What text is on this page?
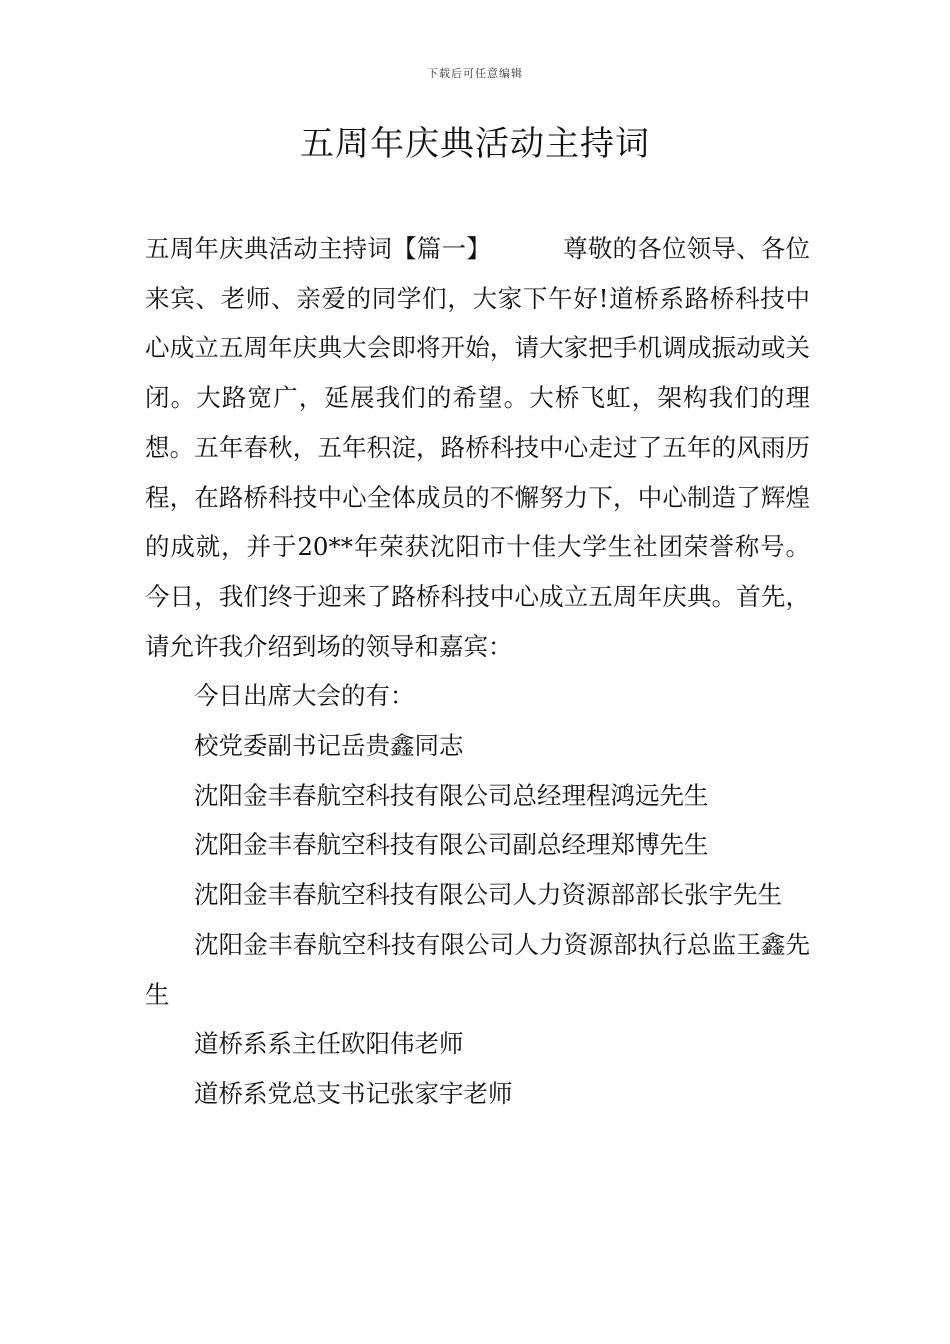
下载后可任意编辑
五周年庆典活动主持词

五周年庆典活动主持词【篇一】	尊敬的各位领导、各位来宾、老师、亲爱的同学们，大家下午好!道桥系路桥科技中心成立五周年庆典大会即将开始，请大家把手机调成振动或关闭。大路宽广，延展我们的希望。大桥飞虹，架构我们的理想。五年春秋，五年积淀，路桥科技中心走过了五年的风雨历程，在路桥科技中心全体成员的不懈努力下，中心制造了辉煌的成就，并于20**年荣获沈阳市十佳大学生社团荣誉称号。今日，我们终于迎来了路桥科技中心成立五周年庆典。首先，请允许我介绍到场的领导和嘉宾：

今日出席大会的有：

校党委副书记岳贵鑫同志

沈阳金丰春航空科技有限公司总经理程鸿远先生

沈阳金丰春航空科技有限公司副总经理郑博先生

沈阳金丰春航空科技有限公司人力资源部部长张宇先生

沈阳金丰春航空科技有限公司人力资源部执行总监王鑫先生

道桥系系主任欧阳伟老师

道桥系党总支书记张家宇老师
